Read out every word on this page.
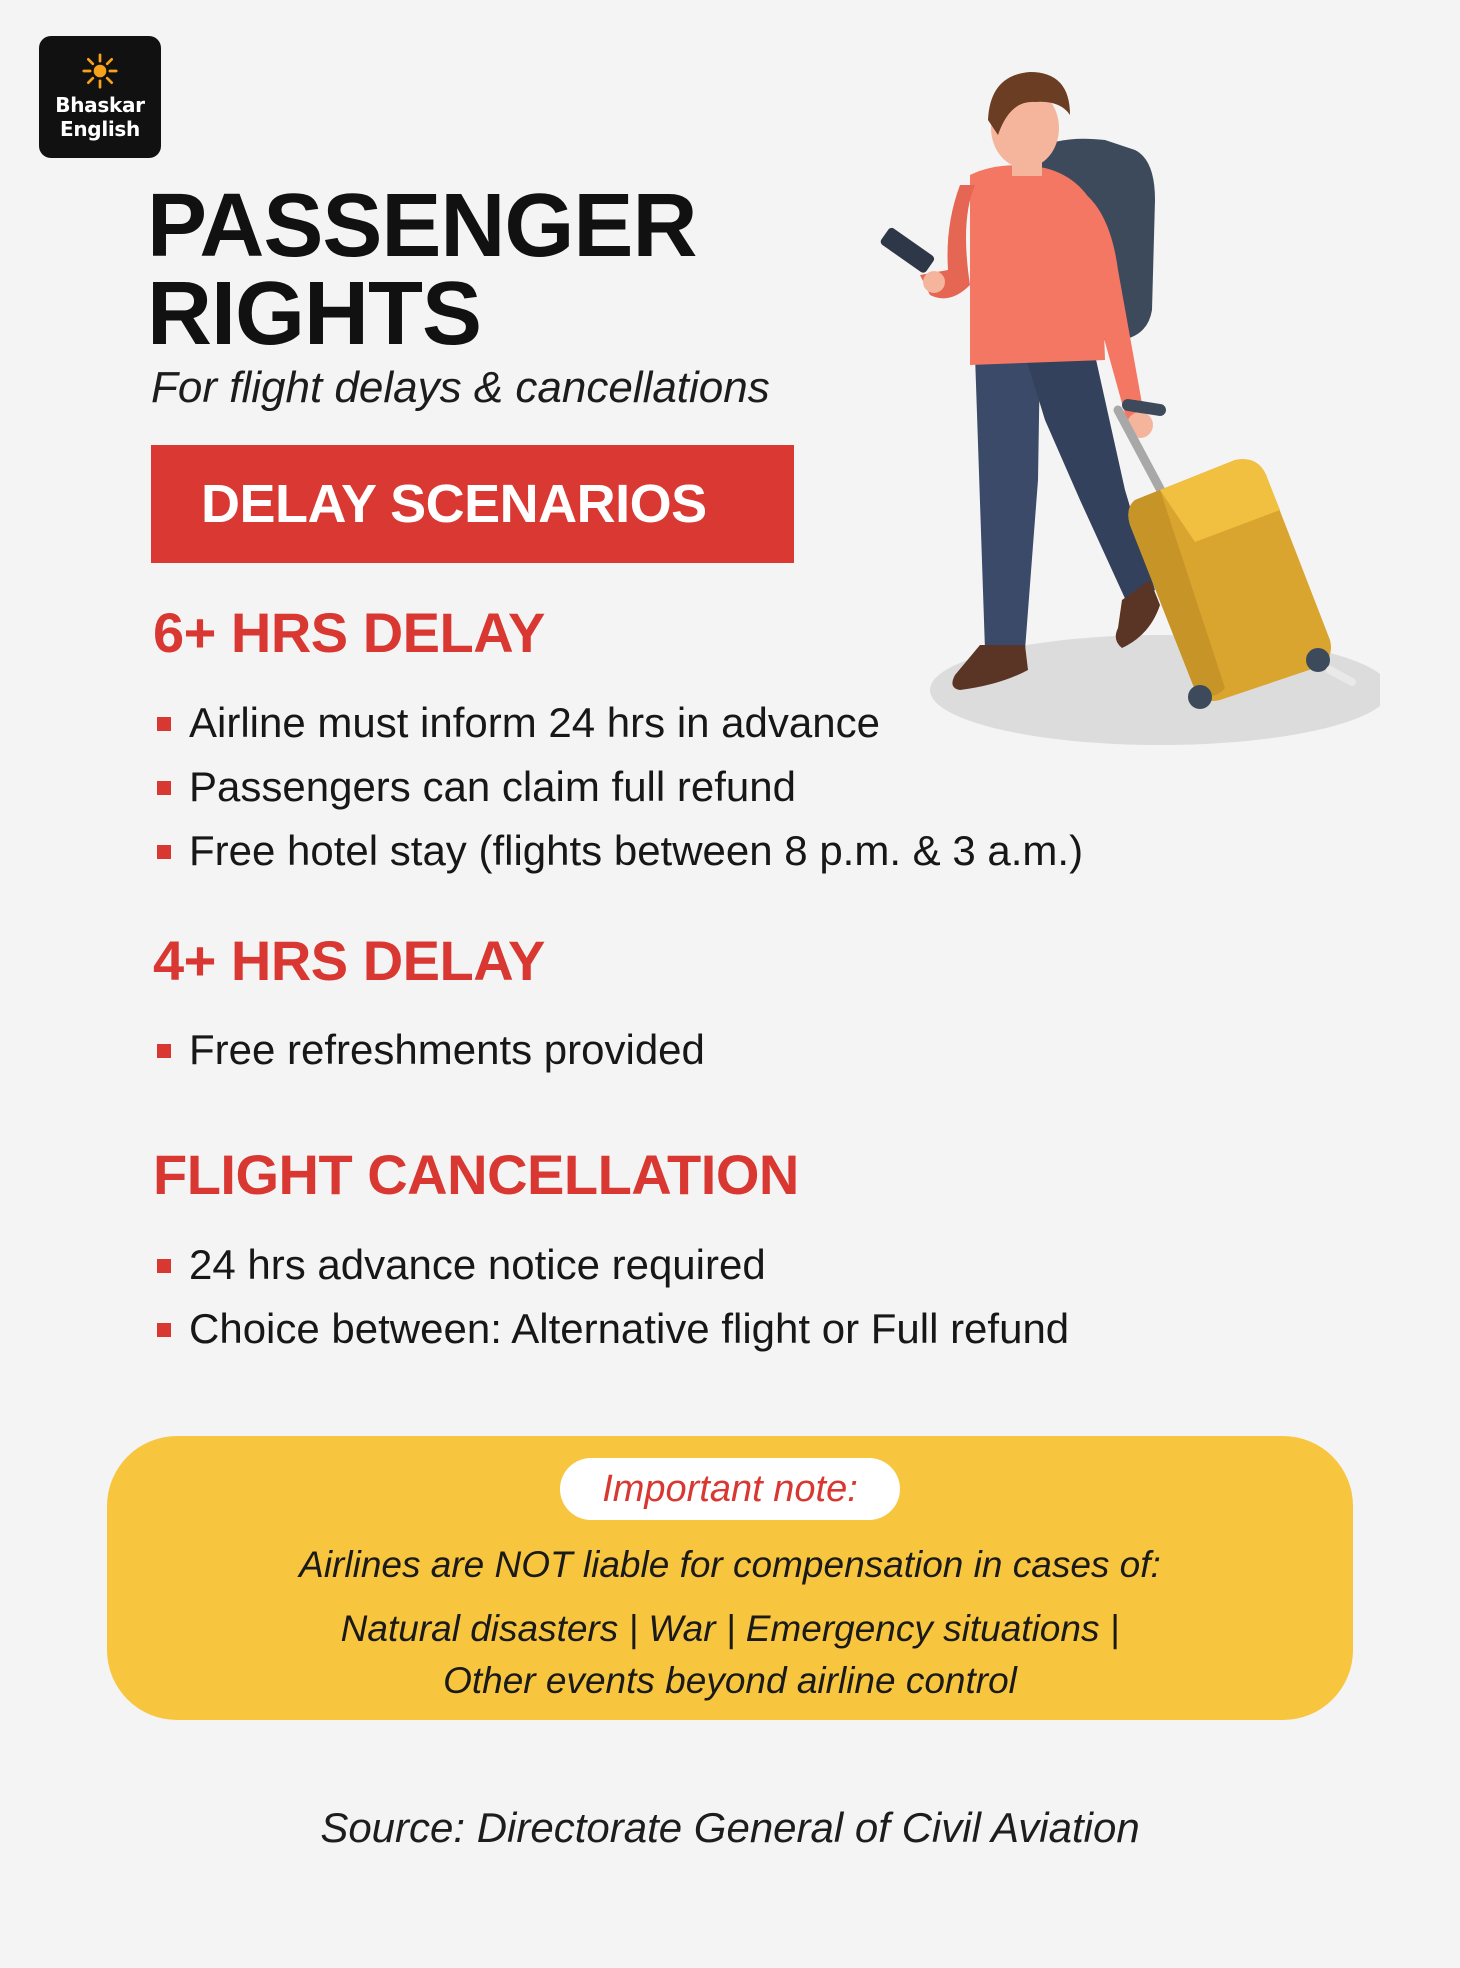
Bhaskar
English
PASSENGER
RIGHTS
For flight delays & cancellations
DELAY SCENARIOS
6+ HRS DELAY
Airline must inform 24 hrs in advance
Passengers can claim full refund
Free hotel stay (flights between 8 p.m. & 3 a.m.)
4+ HRS DELAY
Free refreshments provided
FLIGHT CANCELLATION
24 hrs advance notice required
Choice between: Alternative flight or Full refund
Important note:
Airlines are NOT liable for compensation in cases of:
Natural disasters | War | Emergency situations |
Other events beyond airline control
Source: Directorate General of Civil Aviation
